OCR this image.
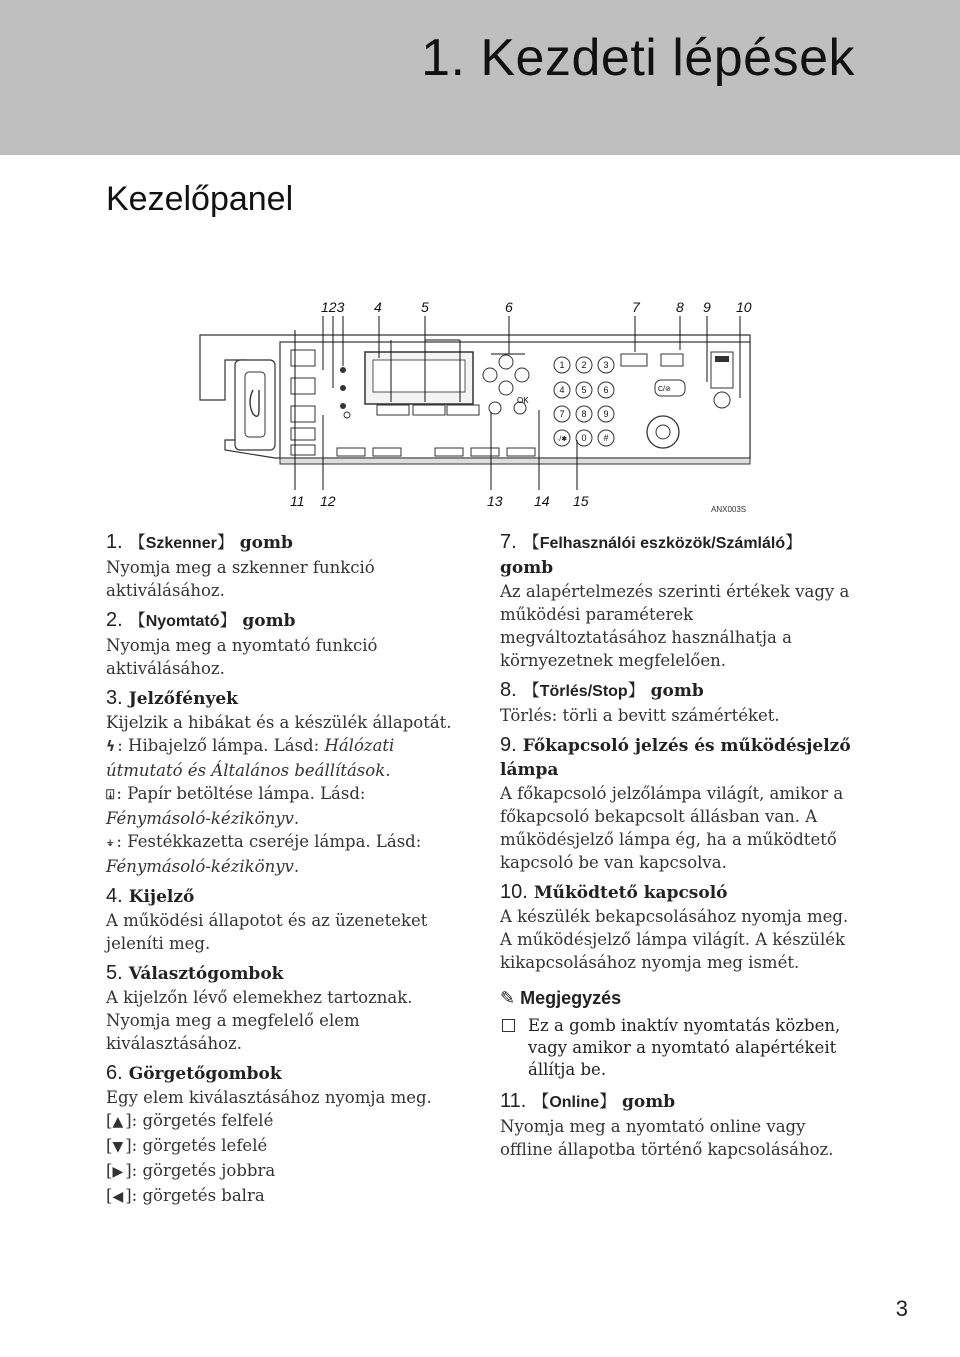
1. Kezdeti lépések
Kezelőpanel
123 4	5	6	7	8 9 10
11 12	13 14 15
ANX003S
OK
1 2 3
4 5 6
7 8 9
·/✱ 0 #
C/⊘
1. 【Szkenner】 gomb
Nyomja meg a szkenner funkció aktiválásához.
2. 【Nyomtató】 gomb
Nyomja meg a nyomtató funkció aktiválásához.
3. Jelzőfények
Kijelzik a hibákat és a készülék állapotát.
ϟ : Hibajelző lámpa. Lásd: Hálózati útmutató és Általános beállítások.
⍗ : Papír betöltése lámpa. Lásd: Fénymásoló-kézikönyv.
⍖ : Festékkazetta cseréje lámpa. Lásd: Fénymásoló-kézikönyv.
4. Kijelző
A működési állapotot és az üzeneteket jeleníti meg.
5. Választógombok
A kijelzőn lévő elemekhez tartoznak.
Nyomja meg a megfelelő elem kiválasztásához.
6. Görgetőgombok
Egy elem kiválasztásához nyomja meg.
[▲ ]: görgetés felfelé
[▼ ]: görgetés lefelé
[▶ ]: görgetés jobbra
[◀ ]: görgetés balra
7. 【Felhasználói eszközök/Számláló】
gomb
Az alapértelmezés szerinti értékek vagy a működési paraméterek megváltoztatásához használhatja a környezetnek megfelelően.
8. 【Törlés/Stop】 gomb
Törlés: törli a bevitt számértéket.
9. Főkapcsoló jelzés és működésjelző lámpa
A főkapcsoló jelzőlámpa világít, amikor a főkapcsoló bekapcsolt állásban van. A működésjelző lámpa ég, ha a működtető kapcsoló be van kapcsolva.
10. Működtető kapcsoló
A készülék bekapcsolásához nyomja meg. A működésjelző lámpa világít. A készülék kikapcsolásához nyomja meg ismét.
✎ Megjegyzés
Ez a gomb inaktív nyomtatás közben, vagy amikor a nyomtató alapértékeit állítja be.
11. 【Online】 gomb
Nyomja meg a nyomtató online vagy offline állapotba történő kapcsolásához.
3
